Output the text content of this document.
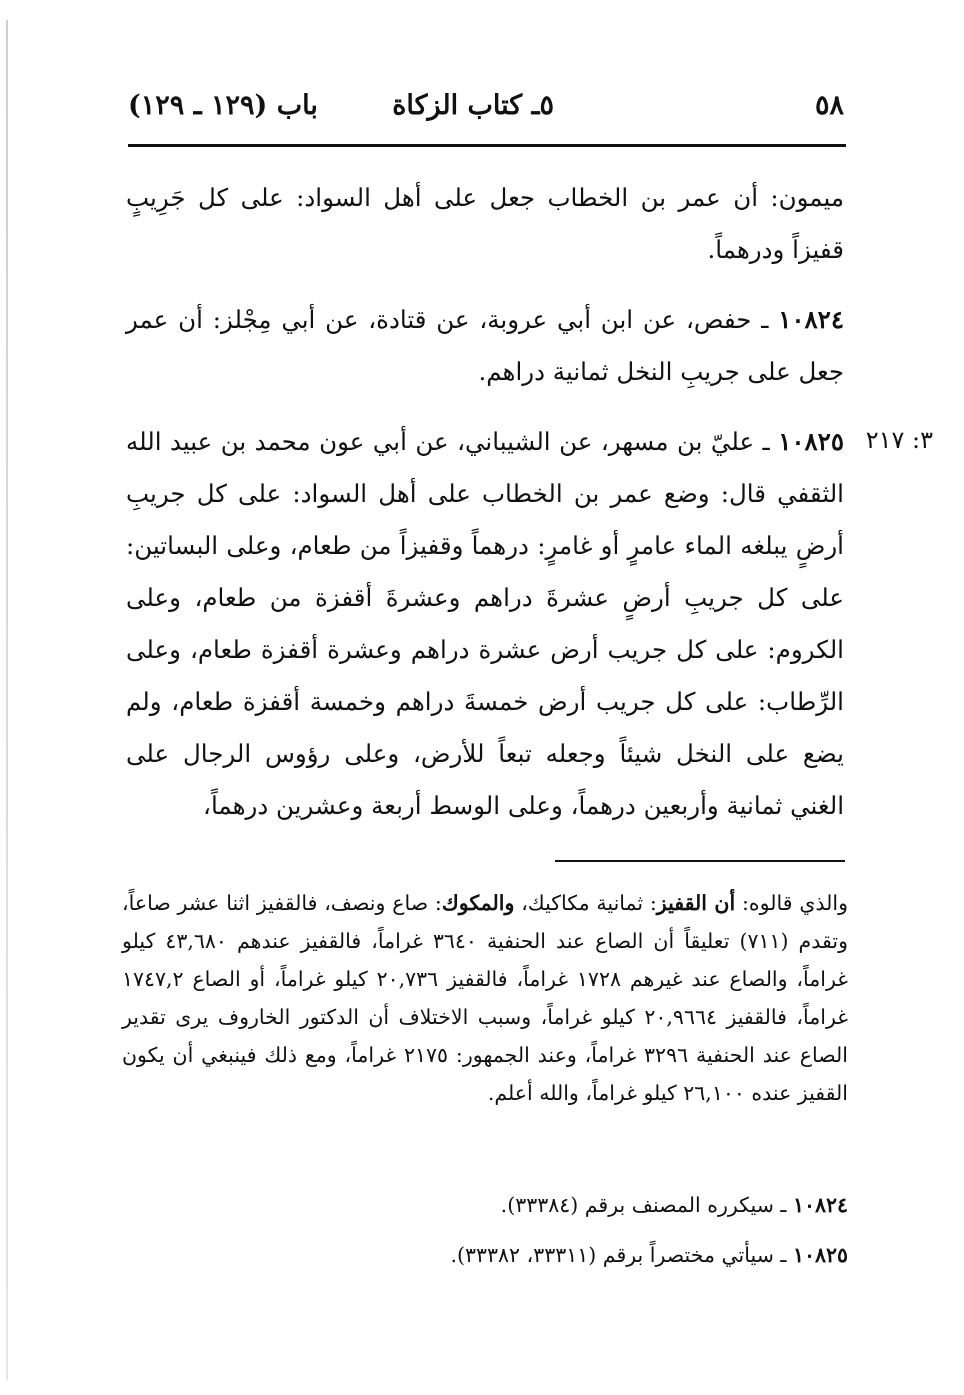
٥٨
٥ـ كتاب الزكاة
باب (١٢٩ ـ ١٢٩)

ميمون: أن عمر بن الخطاب جعل على أهل السواد: على كل جَرِيبٍ قفيزاً ودرهماً.

١٠٨٢٤ ـ حفص، عن ابن أبي عروبة، عن قتادة، عن أبي مِجْلز: أن عمر جعل على جريبِ النخل ثمانية دراهم.

٣: ٢١٧

١٠٨٢٥ ـ عليّ بن مسهر، عن الشيباني، عن أبي عون محمد بن عبيد الله الثقفي قال: وضع عمر بن الخطاب على أهل السواد: على كل جريبِ أرضٍ يبلغه الماء عامرٍ أو غامرٍ: درهماً وقفيزاً من طعام، وعلى البساتين: على كل جريبِ أرضٍ عشرةَ دراهم وعشرةَ أقفزة من طعام، وعلى الكروم: على كل جريب أرض عشرة دراهم وعشرة أقفزة طعام، وعلى الرِّطاب: على كل جريب أرض خمسةَ دراهم وخمسة أقفزة طعام، ولم يضع على النخل شيئاً وجعله تبعاً للأرض، وعلى رؤوس الرجال على الغني ثمانية وأربعين درهماً، وعلى الوسط أربعة وعشرين درهماً،

والذي قالوه: أن القفيز: ثمانية مكاكيك، والمكوك: صاع ونصف، فالقفيز اثنا عشر صاعاً، وتقدم (٧١١) تعليقاً أن الصاع عند الحنفية ٣٦٤٠ غراماً، فالقفيز عندهم ٤٣,٦٨٠ كيلو غراماً، والصاع عند غيرهم ١٧٢٨ غراماً، فالقفيز ٢٠,٧٣٦ كيلو غراماً، أو الصاع ١٧٤٧,٢ غراماً، فالقفيز ٢٠,٩٦٦٤ كيلو غراماً، وسبب الاختلاف أن الدكتور الخاروف يرى تقدير الصاع عند الحنفية ٣٢٩٦ غراماً، وعند الجمهور: ٢١٧٥ غراماً، ومع ذلك فينبغي أن يكون القفيز عنده ٢٦,١٠٠ كيلو غراماً، والله أعلم.

١٠٨٢٤ ـ سيكرره المصنف برقم (٣٣٣٨٤).

١٠٨٢٥ ـ سيأتي مختصراً برقم (٣٣٣١١، ٣٣٣٨٢).
